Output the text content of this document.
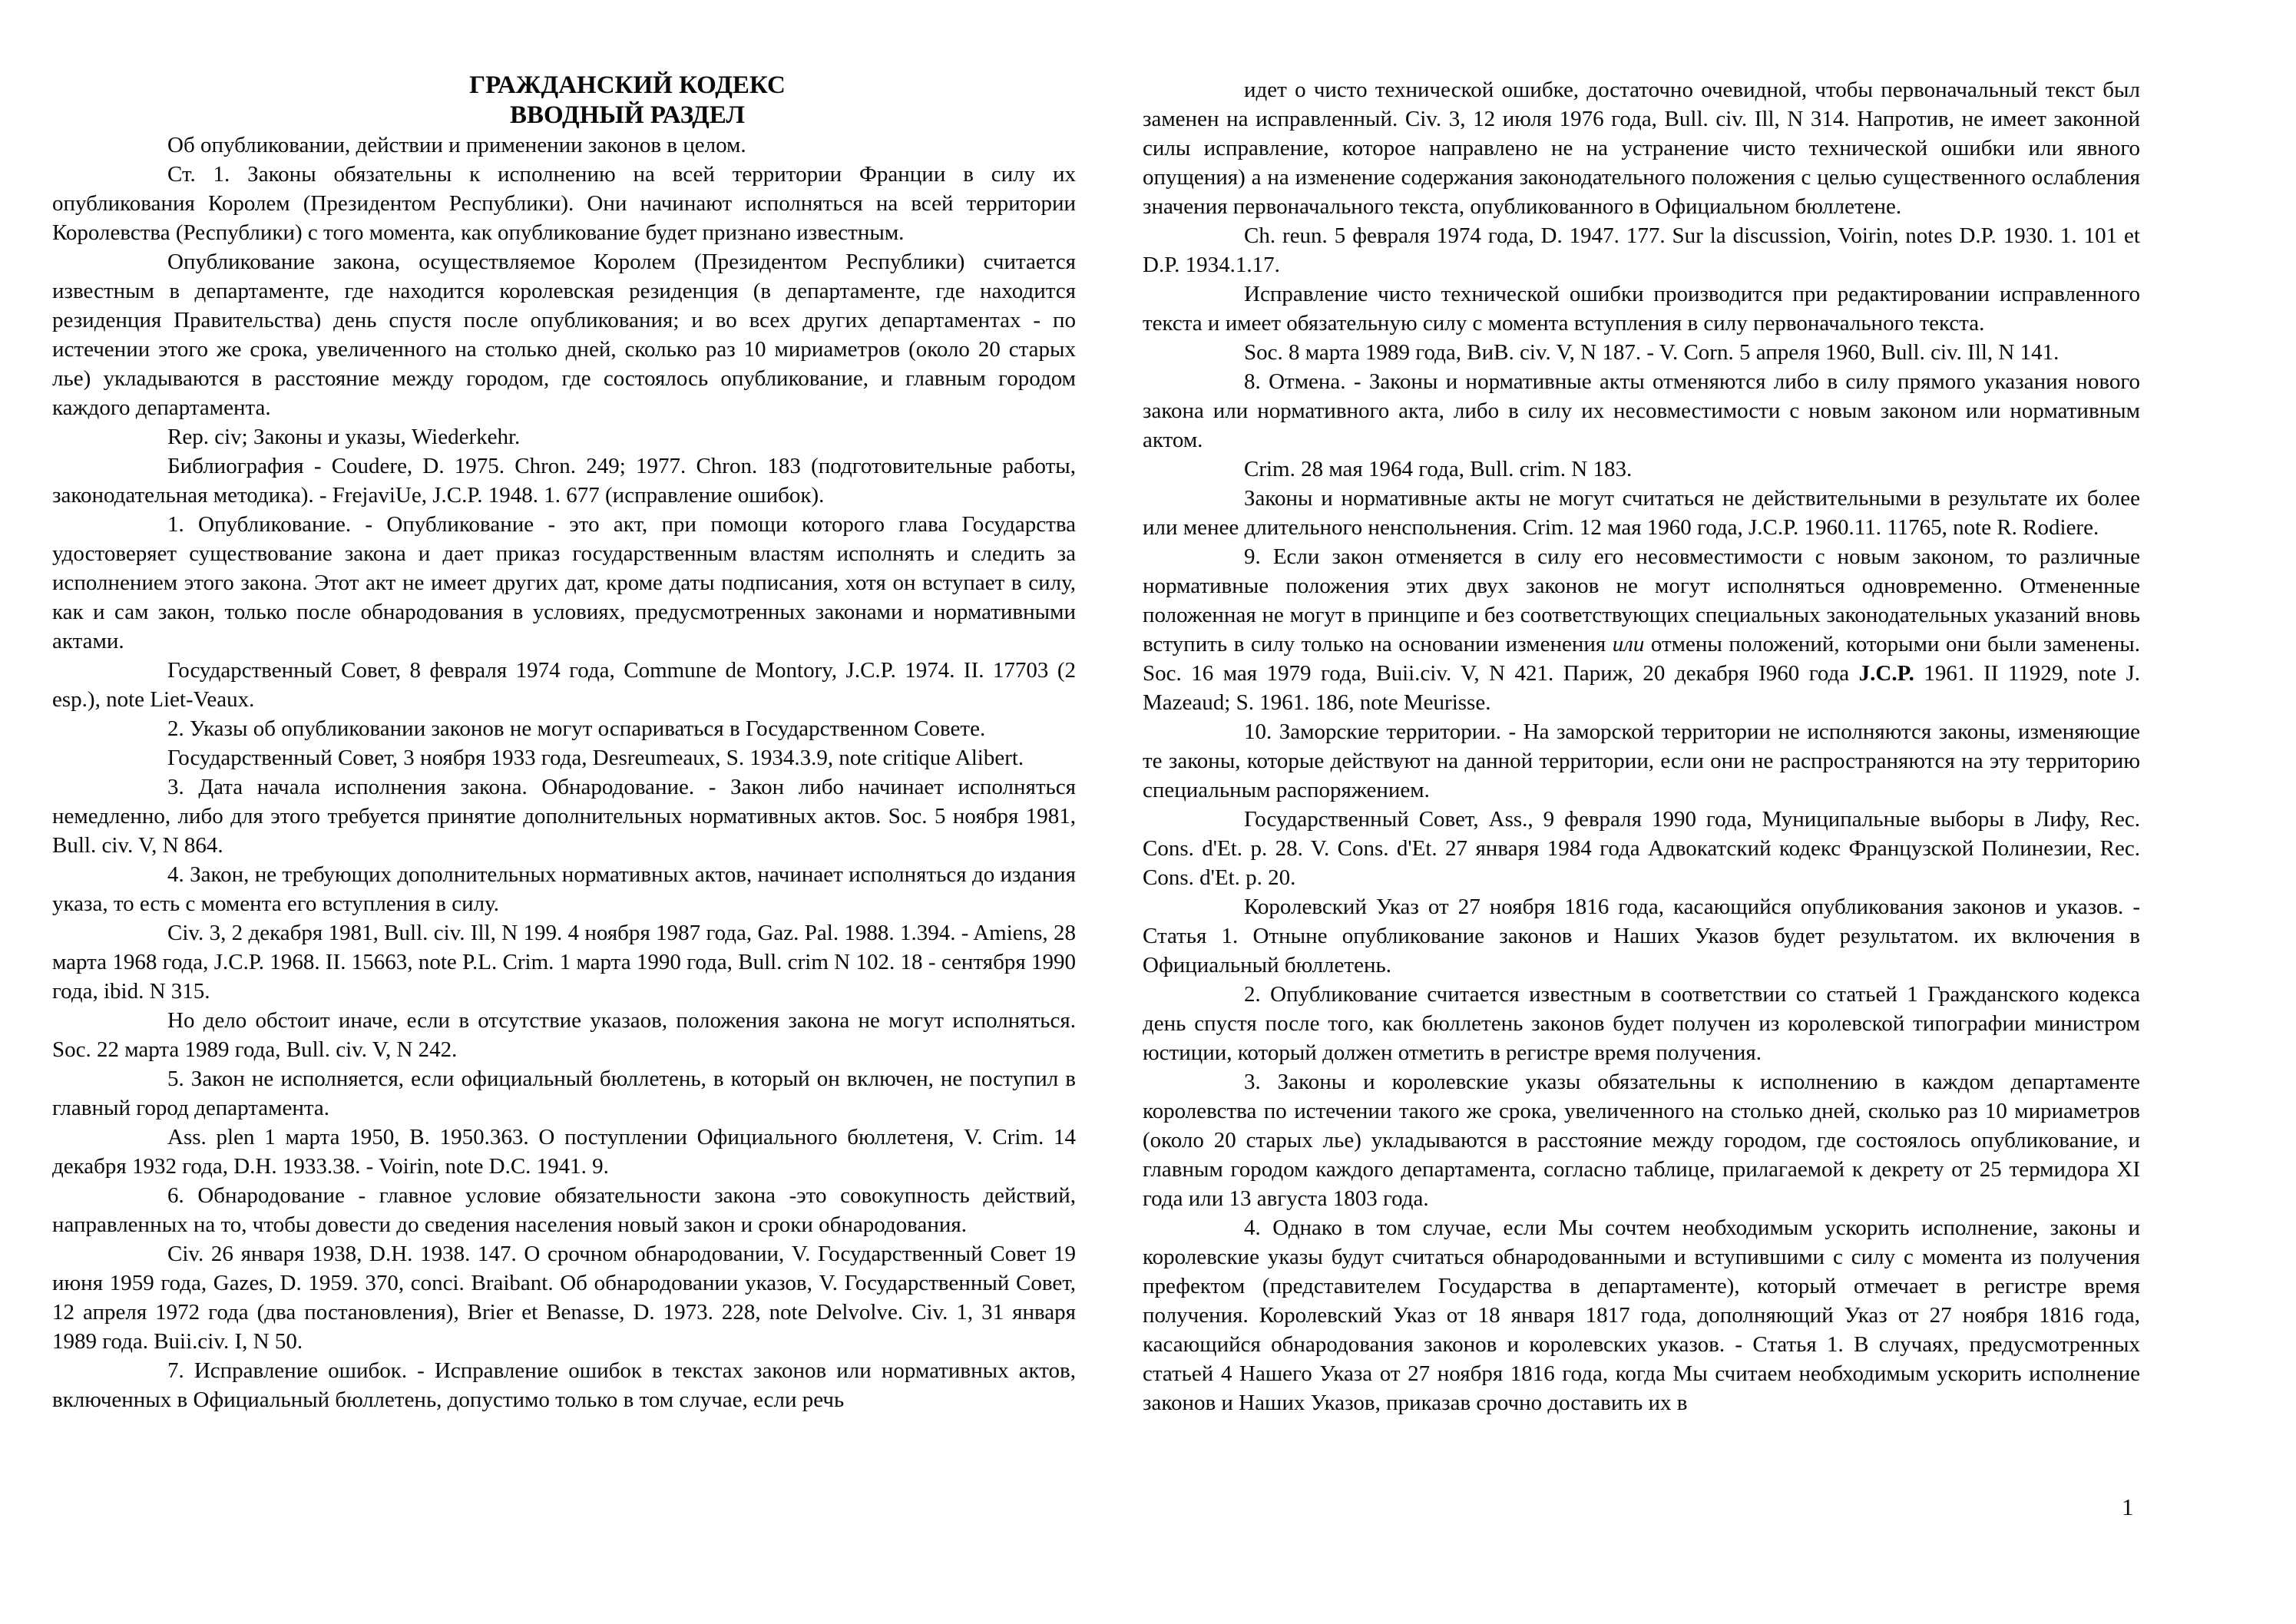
ГРАЖДАНСКИЙ КОДЕКС
ВВОДНЫЙ РАЗДЕЛ

Об опубликовании, действии и применении законов в целом.

Ст. 1. Законы обязательны к исполнению на всей территории Франции в силу их опубликования Королем (Президентом Республики). Они начинают исполняться на всей территории Королевства (Республики) с того момента, как опубликование будет признано известным.

Опубликование закона, осуществляемое Королем (Президентом Республики) считается известным в департаменте, где находится королевская резиденция (в департаменте, где находится резиденция Правительства) день спустя после опубликования; и во всех других департаментах - по истечении этого же срока, увеличенного на столько дней, сколько раз 10 мириаметров (около 20 старых лье) укладываются в расстояние между городом, где состоялось опубликование, и главным городом каждого департамента.

Rep. civ; Законы и указы, Wiederkehr.

Библиография - Coudere, D. 1975. Chron. 249; 1977. Chron. 183 (подготовительные работы, законодательная методика). - FrejaviUe, J.C.P. 1948. 1. 677 (исправление ошибок).

1. Опубликование. - Опубликование - это акт, при помощи которого глава Государства удостоверяет существование закона и дает приказ государственным властям исполнять и следить за исполнением этого закона. Этот акт не имеет других дат, кроме даты подписания, хотя он вступает в силу, как и сам закон, только после обнародования в условиях, предусмотренных законами и нормативными актами.

Государственный Совет, 8 февраля 1974 года, Commune de Montory, J.C.P. 1974. II. 17703 (2 esp.), note Liet-Veaux.

2. Указы об опубликовании законов не могут оспариваться в Государственном Совете.

Государственный Совет, 3 ноября 1933 года, Desreumeaux, S. 1934.3.9, note critique Alibert.

3. Дата начала исполнения закона. Обнародование. - Закон либо начинает исполняться немедленно, либо для этого требуется принятие дополнительных нормативных актов. Soc. 5 ноября 1981, Bull. civ. V, N 864.

4. Закон, не требующих дополнительных нормативных актов, начинает исполняться до издания указа, то есть с момента его вступления в силу.

Civ. 3, 2 декабря 1981, Bull. civ. Ill, N 199. 4 ноября 1987 года, Gaz. Pal. 1988. 1.394. - Amiens, 28 марта 1968 года, J.C.P. 1968. II. 15663, note P.L. Crim. 1 марта 1990 года, Bull. crim N 102. 18 - сентября 1990 года, ibid. N 315.

Но дело обстоит иначе, если в отсутствие указаов, положения закона не могут исполняться. Soc. 22 марта 1989 года, Bull. civ. V, N 242.

5. Закон не исполняется, если официальный бюллетень, в который он включен, не поступил в главный город департамента.

Ass. plen 1 марта 1950, B. 1950.363. О поступлении Официального бюллетеня, V. Crim. 14 декабря 1932 года, D.H. 1933.38. - Voirin, note D.C. 1941. 9.

6. Обнародование - главное условие обязательности закона -это совокупность действий, направленных на то, чтобы довести до сведения населения новый закон и сроки обнародования.

Civ. 26 января 1938, D.H. 1938. 147. О срочном обнародовании, V. Государственный Совет 19 июня 1959 года, Gazes, D. 1959. 370, conci. Braibant. Об обнародовании указов, V. Государственный Совет, 12 апреля 1972 года (два постановления), Brier et Benasse, D. 1973. 228, note Delvolve. Civ. 1, 31 января 1989 года. Buii.civ. I, N 50.

7. Исправление ошибок. - Исправление ошибок в текстах законов или нормативных актов, включенных в Официальный бюллетень, допустимо только в том случае, если речь

идет о чисто технической ошибке, достаточно очевидной, чтобы первоначальный текст был заменен на исправленный. Civ. 3, 12 июля 1976 года, Bull. civ. Ill, N 314. Напротив, не имеет законной силы исправление, которое направлено не на устранение чисто технической ошибки или явного опущения) а на изменение содержания законодательного положения с целью существенного ослабления значения первоначального текста, опубликованного в Официальном бюллетене.

Ch. reun. 5 февраля 1974 года, D. 1947. 177. Sur la discussion, Voirin, notes D.P. 1930. 1. 101 et D.P. 1934.1.17.

Исправление чисто технической ошибки производится при редактировании исправленного текста и имеет обязательную силу с момента вступления в силу первоначального текста.

Soc. 8 марта 1989 года, ВиВ. civ. V, N 187. - V. Corn. 5 апреля 1960, Bull. civ. Ill, N 141.

8. Отмена. - Законы и нормативные акты отменяются либо в силу прямого указания нового закона или нормативного акта, либо в силу их несовместимости с новым законом или нормативным актом.

Crim. 28 мая 1964 года, Bull. crim. N 183.

Законы и нормативные акты не могут считаться не действительными в результате их более или менее длительного ненспольнения. Crim. 12 мая 1960 года, J.C.P. 1960.11. 11765, note R. Rodiere.

9. Если закон отменяется в силу его несовместимости с новым законом, то различные нормативные положения этих двух законов не могут исполняться одновременно. Отмененные положенная не могут в принципе и без соответствующих специальных законодательных указаний вновь вступить в силу только на основании изменения или отмены положений, которыми они были заменены. Soc. 16 мая 1979 года, Buii.civ. V, N 421. Париж, 20 декабря I960 года J.C.P. 1961. II 11929, note J. Mazeaud; S. 1961. 186, note Meurisse.

10. Заморские территории. - На заморской территории не исполняются законы, изменяющие те законы, которые действуют на данной территории, если они не распространяются на эту территорию специальным распоряжением.

Государственный Совет, Ass., 9 февраля 1990 года, Муниципальные выборы в Лифу, Rec. Cons. d'Et. p. 28. V. Cons. d'Et. 27 января 1984 года Адвокатский кодекс Французской Полинезии, Rec. Cons. d'Et. p. 20.

Королевский Указ от 27 ноября 1816 года, касающийся опубликования законов и указов. - Статья 1. Отныне опубликование законов и Наших Указов будет результатом. их включения в Официальный бюллетень.

2. Опубликование считается известным в соответствии со статьей 1 Гражданского кодекса день спустя после того, как бюллетень законов будет получен из королевской типографии министром юстиции, который должен отметить в регистре время получения.

3. Законы и королевские указы обязательны к исполнению в каждом департаменте королевства по истечении такого же срока, увеличенного на столько дней, сколько раз 10 мириаметров (около 20 старых лье) укладываются в расстояние между городом, где состоялось опубликование, и главным городом каждого департамента, согласно таблице, прилагаемой к декрету от 25 термидора XI года или 13 августа 1803 года.

4. Однако в том случае, если Мы сочтем необходимым ускорить исполнение, законы и королевские указы будут считаться обнародованными и вступившими с силу с момента из получения префектом (представителем Государства в департаменте), который отмечает в регистре время получения. Королевский Указ от 18 января 1817 года, дополняющий Указ от 27 ноября 1816 года, касающийся обнародования законов и королевских указов. - Статья 1. В случаях, предусмотренных статьей 4 Нашего Указа от 27 ноября 1816 года, когда Мы считаем необходимым ускорить исполнение законов и Наших Указов, приказав срочно доставить их в

1
